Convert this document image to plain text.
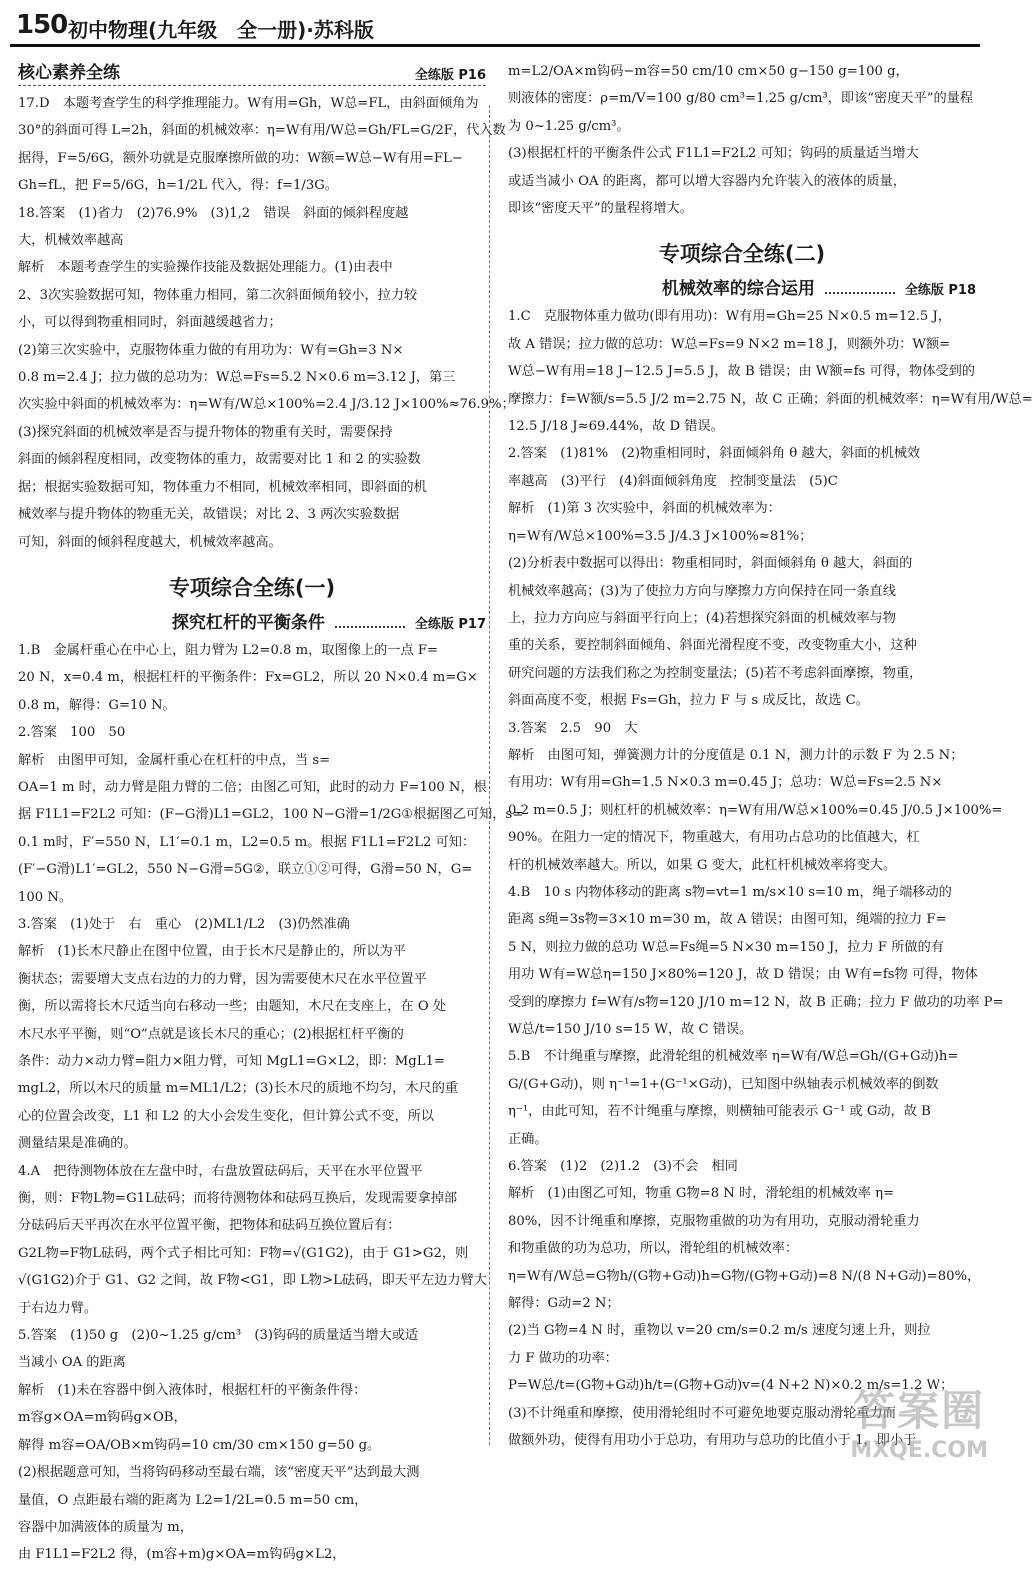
150 初中物理(九年级　全一册)·苏科版
核心素养全练	全练版 P16

17.D　本题考查学生的科学推理能力。W有用=Gh，W总=FL，由斜面倾角为

30°的斜面可得 L=2h，斜面的机械效率：η=W有用/W总=Gh/FL=G/2F，代入数

据得，F=5/6G，额外功就是克服摩擦所做的功：W额=W总−W有用=FL−

Gh=fL，把 F=5/6G，h=1/2L 代入，得：f=1/3G。

18.答案　(1)省力　(2)76.9%　(3)1,2　错误　斜面的倾斜程度越

大，机械效率越高

解析　本题考查学生的实验操作技能及数据处理能力。(1)由表中

2、3次实验数据可知，物体重力相同，第二次斜面倾角较小，拉力较

小，可以得到物重相同时，斜面越缓越省力；

(2)第三次实验中，克服物体重力做的有用功为：W有=Gh=3 N×

0.8 m=2.4 J；拉力做的总功为：W总=Fs=5.2 N×0.6 m=3.12 J，第三

次实验中斜面的机械效率为：η=W有/W总×100%=2.4 J/3.12 J×100%≈76.9%；

(3)探究斜面的机械效率是否与提升物体的物重有关时，需要保持

斜面的倾斜程度相同，改变物体的重力，故需要对比 1 和 2 的实验数

据；根据实验数据可知，物体重力不相同，机械效率相同，即斜面的机

械效率与提升物体的物重无关，故错误；对比 2、3 两次实验数据

可知，斜面的倾斜程度越大，机械效率越高。

专项综合全练(一)
探究杠杆的平衡条件	全练版 P17

1.B　金属杆重心在中心上，阻力臂为 L2=0.8 m，取图像上的一点 F=

20 N，x=0.4 m，根据杠杆的平衡条件：Fx=GL2，所以 20 N×0.4 m=G×

0.8 m，解得：G=10 N。

2.答案　100　50

解析　由图甲可知，金属杆重心在杠杆的中点，当 s=

OA=1 m 时，动力臂是阻力臂的二倍；由图乙可知，此时的动力 F=100 N，根

据 F1L1=F2L2 可知：(F−G滑)L1=GL2，100 N−G滑=1/2G①根据图乙可知，s=

0.1 m时，F′=550 N，L1′=0.1 m，L2=0.5 m。根据 F1L1=F2L2 可知：

(F′−G滑)L1′=GL2，550 N−G滑=5G②，联立①②可得，G滑=50 N，G=

100 N。

3.答案　(1)处于　右　重心　(2)ML1/L2　(3)仍然准确

解析　(1)长木尺静止在图中位置，由于长木尺是静止的，所以为平

衡状态；需要增大支点右边的力的力臂，因为需要使木尺在水平位置平

衡，所以需将长木尺适当向右移动一些；由题知，木尺在支座上，在 O 处

木尺水平平衡，则“O”点就是该长木尺的重心；(2)根据杠杆平衡的

条件：动力×动力臂=阻力×阻力臂，可知 MgL1=G×L2，即：MgL1=

mgL2，所以木尺的质量 m=ML1/L2；(3)长木尺的质地不均匀，木尺的重

心的位置会改变，L1 和 L2 的大小会发生变化，但计算公式不变，所以

测量结果是准确的。

4.A　把待测物体放在左盘中时，右盘放置砝码后，天平在水平位置平

衡，则：F物L物=G1L砝码；而将待测物体和砝码互换后，发现需要拿掉部

分砝码后天平再次在水平位置平衡，把物体和砝码互换位置后有：

G2L物=F物L砝码，两个式子相比可知：F物=√(G1G2)，由于 G1>G2，则

√(G1G2)介于 G1、G2 之间，故 F物<G1，即 L物>L砝码，即天平左边力臂大

于右边力臂。

5.答案　(1)50 g　(2)0~1.25 g/cm³　(3)钩码的质量适当增大或适

当减小 OA 的距离

解析　(1)未在容器中倒入液体时，根据杠杆的平衡条件得：

m容g×OA=m钩码g×OB，

解得 m容=OA/OB×m钩码=10 cm/30 cm×150 g=50 g。

(2)根据题意可知，当将钩码移动至最右端，该“密度天平”达到最大测

量值，O 点距最右端的距离为 L2=1/2L=0.5 m=50 cm，

容器中加满液体的质量为 m，

由 F1L1=F2L2 得，(m容+m)g×OA=m钩码g×L2，

m=L2/OA×m钩码−m容=50 cm/10 cm×50 g−150 g=100 g，

则液体的密度：ρ=m/V=100 g/80 cm³=1.25 g/cm³，即该“密度天平”的量程

为 0~1.25 g/cm³。

(3)根据杠杆的平衡条件公式 F1L1=F2L2 可知；钩码的质量适当增大

或适当减小 OA 的距离，都可以增大容器内允许装入的液体的质量，

即该“密度天平”的量程将增大。

专项综合全练(二)
机械效率的综合运用	全练版 P18

1.C　克服物体重力做功(即有用功)：W有用=Gh=25 N×0.5 m=12.5 J，

故 A 错误；拉力做的总功：W总=Fs=9 N×2 m=18 J，则额外功：W额=

W总−W有用=18 J−12.5 J=5.5 J，故 B 错误；由 W额=fs 可得，物体受到的

摩擦力：f=W额/s=5.5 J/2 m=2.75 N，故 C 正确；斜面的机械效率：η=W有用/W总=

12.5 J/18 J≈69.44%，故 D 错误。

2.答案　(1)81%　(2)物重相同时，斜面倾斜角 θ 越大，斜面的机械效

率越高　(3)平行　(4)斜面倾斜角度　控制变量法　(5)C

解析　(1)第 3 次实验中，斜面的机械效率为：

η=W有/W总×100%=3.5 J/4.3 J×100%≈81%；

(2)分析表中数据可以得出：物重相同时，斜面倾斜角 θ 越大，斜面的

机械效率越高；(3)为了使拉力方向与摩擦力方向保持在同一条直线

上，拉力方向应与斜面平行向上；(4)若想探究斜面的机械效率与物

重的关系，要控制斜面倾角、斜面光滑程度不变，改变物重大小，这种

研究问题的方法我们称之为控制变量法；(5)若不考虑斜面摩擦，物重，

斜面高度不变，根据 Fs=Gh，拉力 F 与 s 成反比，故选 C。

3.答案　2.5　90　大

解析　由图可知，弹簧测力计的分度值是 0.1 N，测力计的示数 F 为 2.5 N；

有用功：W有用=Gh=1.5 N×0.3 m=0.45 J；总功：W总=Fs=2.5 N×

0.2 m=0.5 J；则杠杆的机械效率：η=W有用/W总×100%=0.45 J/0.5 J×100%=

90%。在阻力一定的情况下，物重越大，有用功占总功的比值越大，杠

杆的机械效率越大。所以，如果 G 变大，此杠杆机械效率将变大。

4.B　10 s 内物体移动的距离 s物=vt=1 m/s×10 s=10 m，绳子端移动的

距离 s绳=3s物=3×10 m=30 m，故 A 错误；由图可知，绳端的拉力 F=

5 N，则拉力做的总功 W总=Fs绳=5 N×30 m=150 J，拉力 F 所做的有

用功 W有=W总η=150 J×80%=120 J，故 D 错误；由 W有=fs物 可得，物体

受到的摩擦力 f=W有/s物=120 J/10 m=12 N，故 B 正确；拉力 F 做功的功率 P=

W总/t=150 J/10 s=15 W，故 C 错误。

5.B　不计绳重与摩擦，此滑轮组的机械效率 η=W有/W总=Gh/(G+G动)h=

G/(G+G动)，则 η⁻¹=1+(G⁻¹×G动)，已知图中纵轴表示机械效率的倒数

η⁻¹，由此可知，若不计绳重与摩擦，则横轴可能表示 G⁻¹ 或 G动，故 B

正确。

6.答案　(1)2　(2)1.2　(3)不会　相同

解析　(1)由图乙可知，物重 G物=8 N 时，滑轮组的机械效率 η=

80%，因不计绳重和摩擦，克服物重做的功为有用功，克服动滑轮重力

和物重做的功为总功，所以，滑轮组的机械效率：

η=W有/W总=G物h/(G物+G动)h=G物/(G物+G动)=8 N/(8 N+G动)=80%，

解得：G动=2 N；

(2)当 G物=4 N 时，重物以 v=20 cm/s=0.2 m/s 速度匀速上升，则拉

力 F 做功的功率：

P=W总/t=(G物+G动)h/t=(G物+G动)v=(4 N+2 N)×0.2 m/s=1.2 W；

(3)不计绳重和摩擦，使用滑轮组时不可避免地要克服动滑轮重力而

做额外功，使得有用功小于总功，有用功与总功的比值小于 1，即小于

答案圈
MXQE.COM
